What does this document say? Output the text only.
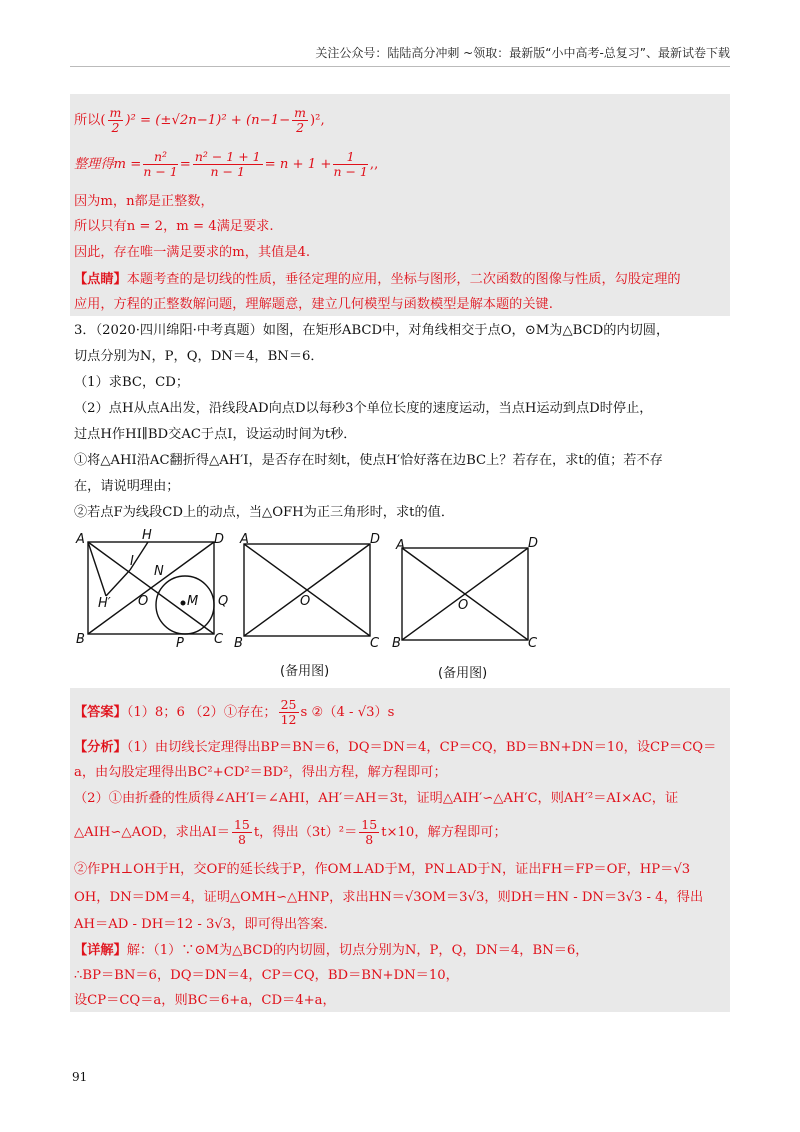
关注公众号：陆陆高分冲刺 ~领取：最新版“小中高考-总复习”、最新试卷下载
所以( $\frac{m}{2} )^2 = (\pm√2n-1)^2 + (n-1- \frac{m}{2} )^2$,
整理得$m = \frac{\text{n²}}{n - 1} = \frac{\text{n² − 1 + 1}}{n - 1} = n + 1 + \frac{1}{n - 1}$ ,,
因为m，n都是正整数，
所以只有n = 2，m = 4满足要求.
因此，存在唯一满足要求的m，其值是4.
【点睛】本题考查的是切线的性质，垂径定理的应用，坐标与图形，二次函数的图像与性质，勾股定理的
应用，方程的正整数解问题，理解题意，建立几何模型与函数模型是解本题的关键.
3．（2020·四川绵阳·中考真题）如图，在矩形ABCD中，对角线相交于点O，⊙M为△BCD的内切圆，
切点分别为N，P，Q，DN＝4，BN＝6．
（1）求BC，CD；
（2）点H从点A出发，沿线段AD向点D以每秒3个单位长度的速度运动，当点H运动到点D时停止，
过点H作HI∥BD交AC于点I，设运动时间为t秒．
①将△AHI沿AC翻折得△AH′I，是否存在时刻t，使点H′恰好落在边BC上？若存在，求t的值；若不存
在，请说明理由；
②若点F为线段CD上的动点，当△OFH为正三角形时，求t的值．
A	H	D
I
N
H′ O	M Q
B	P C
A	D
O
B	C
(备用图)
A	D
O
B	C
(备用图)
【答案】（1）8；6 （2）①存在； $\frac{25}{12}$ s ②（4 - √3）s
【分析】（1）由切线长定理得出BP＝BN＝6，DQ＝DN＝4，CP＝CQ，BD＝BN+DN＝10，设CP＝CQ＝
a，由勾股定理得出BC²+CD²＝BD²，得出方程，解方程即可；
（2）①由折叠的性质得∠AH′I＝∠AHI，AH′＝AH＝3t，证明△AIH′∽△AH′C，则AH′²＝AI×AC，证
△AIH∽△AOD，求出$AI= \frac{15}{8}$ t，得出$(3t)^2= \frac{15}{8} t\times 10$，解方程即可；
②作PH⊥OH于H，交OF的延长线于P，作OM⊥AD于M，PN⊥AD于N，证出FH＝FP＝OF，HP＝√3
OH，DN＝DM＝4，证明△OMH∽△HNP，求出HN＝√3OM＝3√3，则DH＝HN - DN＝3√3 - 4，得出
AH＝AD - DH＝12 - 3√3，即可得出答案．
【详解】解：（1）∵⊙M为△BCD的内切圆，切点分别为N，P，Q，DN＝4，BN＝6，
∴BP＝BN＝6，DQ＝DN＝4，CP＝CQ，BD＝BN+DN＝10，
设CP＝CQ＝a，则BC＝6+a，CD＝4+a，
91
